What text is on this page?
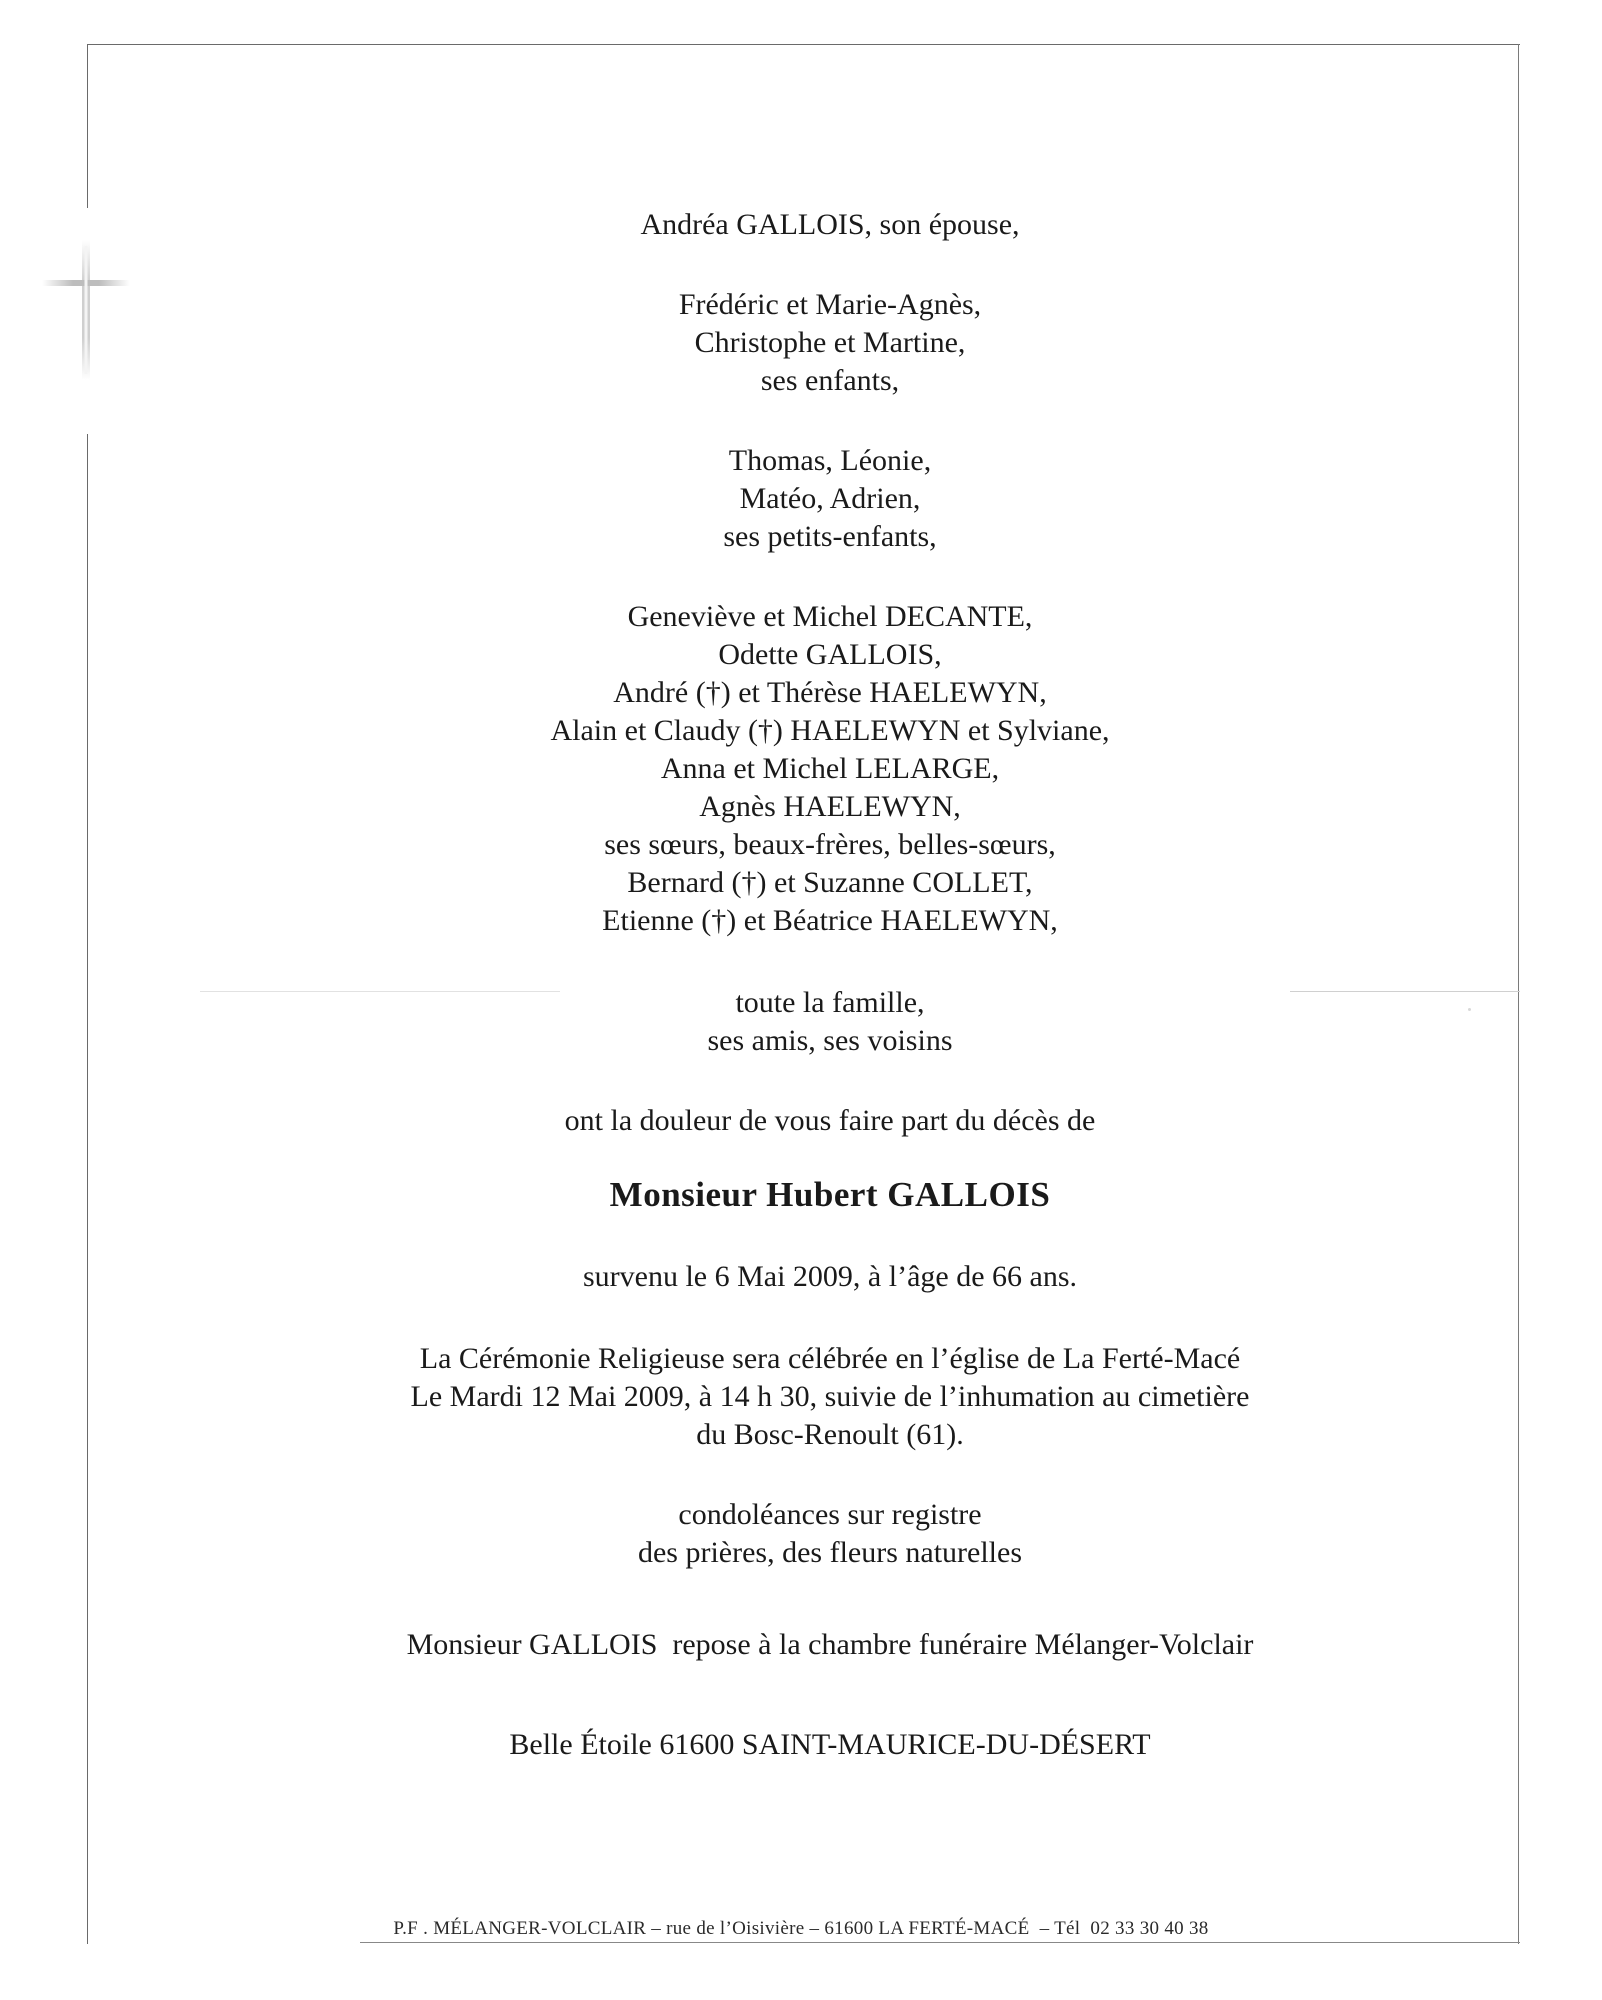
Andréa GALLOIS, son épouse,
Frédéric et Marie-Agnès,
Christophe et Martine,
ses enfants,
Thomas, Léonie,
Matéo, Adrien,
ses petits-enfants,
Geneviève et Michel DECANTE,
Odette GALLOIS,
André (†) et Thérèse HAELEWYN,
Alain et Claudy (†) HAELEWYN et Sylviane,
Anna et Michel LELARGE,
Agnès HAELEWYN,
ses sœurs, beaux-frères, belles-sœurs,
Bernard (†) et Suzanne COLLET,
Etienne (†) et Béatrice HAELEWYN,
toute la famille,
ses amis, ses voisins
ont la douleur de vous faire part du décès de
Monsieur Hubert GALLOIS
survenu le 6 Mai 2009, à l’âge de 66 ans.
La Cérémonie Religieuse sera célébrée en l’église de La Ferté-Macé
Le Mardi 12 Mai 2009, à 14 h 30, suivie de l’inhumation au cimetière
du Bosc-Renoult (61).
condoléances sur registre
des prières, des fleurs naturelles
Monsieur GALLOIS  repose à la chambre funéraire Mélanger-Volclair
Belle Étoile 61600 SAINT-MAURICE-DU-DÉSERT
P.F . MÉLANGER-VOLCLAIR – rue de l’Oisivière – 61600 LA FERTÉ-MACÉ  – Tél  02 33 30 40 38
